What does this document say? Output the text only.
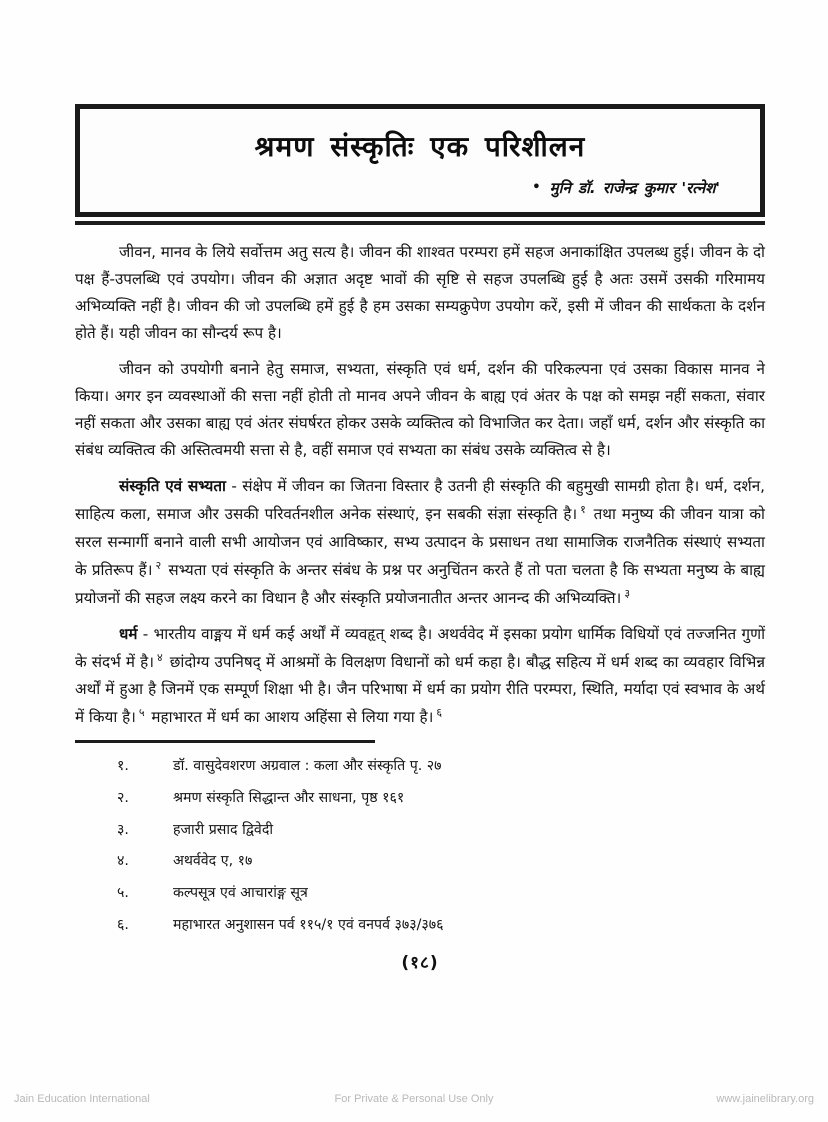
श्रमण संस्कृतिः एक परिशीलन
• मुनि डॉ. राजेन्द्र कुमार 'रत्नेश'

जीवन, मानव के लिये सर्वोत्तम अतु सत्य है। जीवन की शाश्वत परम्परा हमें सहज अनाकांक्षित उपलब्ध हुई। जीवन के दो पक्ष हैं-उपलब्धि एवं उपयोग। जीवन की अज्ञात अदृष्ट भावों की सृष्टि से सहज उपलब्धि हुई है अतः उसमें उसकी गरिमामय अभिव्यक्ति नहीं है। जीवन की जो उपलब्धि हमें हुई है हम उसका सम्यक्रुपेण उपयोग करें, इसी में जीवन की सार्थकता के दर्शन होते हैं। यही जीवन का सौन्दर्य रूप है।

जीवन को उपयोगी बनाने हेतु समाज, सभ्यता, संस्कृति एवं धर्म, दर्शन की परिकल्पना एवं उसका विकास मानव ने किया। अगर इन व्यवस्थाओं की सत्ता नहीं होती तो मानव अपने जीवन के बाह्य एवं अंतर के पक्ष को समझ नहीं सकता, संवार नहीं सकता और उसका बाह्य एवं अंतर संघर्षरत होकर उसके व्यक्तित्व को विभाजित कर देता। जहाँ धर्म, दर्शन और संस्कृति का संबंध व्यक्तित्व की अस्तित्वमयी सत्ता से है, वहीं समाज एवं सभ्यता का संबंध उसके व्यक्तित्व से है।

संस्कृति एवं सभ्यता - संक्षेप में जीवन का जितना विस्तार है उतनी ही संस्कृति की बहुमुखी सामग्री होता है। धर्म, दर्शन, साहित्य कला, समाज और उसकी परिवर्तनशील अनेक संस्थाएं, इन सबकी संज्ञा संस्कृति है। $^१$ तथा मनुष्य की जीवन यात्रा को सरल सन्मार्गी बनाने वाली सभी आयोजन एवं आविष्कार, सभ्य उत्पादन के प्रसाधन तथा सामाजिक राजनैतिक संस्थाएं सभ्यता के प्रतिरूप हैं। $^२$ सभ्यता एवं संस्कृति के अन्तर संबंध के प्रश्न पर अनुचिंतन करते हैं तो पता चलता है कि सभ्यता मनुष्य के बाह्य प्रयोजनों की सहज लक्ष्य करने का विधान है और संस्कृति प्रयोजनातीत अन्तर आनन्द की अभिव्यक्ति। $^३$

धर्म - भारतीय वाङ्मय में धर्म कई अर्थों में व्यवहृत् शब्द है। अथर्ववेद में इसका प्रयोग धार्मिक विधियों एवं तज्जनित गुणों के संदर्भ में है। $^४$ छांदोग्य उपनिषद् में आश्रमों के विलक्षण विधानों को धर्म कहा है। बौद्ध सहित्य में धर्म शब्द का व्यवहार विभिन्न अर्थों में हुआ है जिनमें एक सम्पूर्ण शिक्षा भी है। जैन परिभाषा में धर्म का प्रयोग रीति परम्परा, स्थिति, मर्यादा एवं स्वभाव के अर्थ में किया है। $^५$ महाभारत में धर्म का आशय अहिंसा से लिया गया है। $^६$

१.	डॉ. वासुदेवशरण अग्रवाल : कला और संस्कृति पृ. २७
२.	श्रमण संस्कृति सिद्धान्त और साधना, पृष्ठ १६१
३.	हजारी प्रसाद द्विवेदी
४.	अथर्ववेद ए, १७
५.	कल्पसूत्र एवं आचारांङ्ग सूत्र
६.	महाभारत अनुशासन पर्व ११५/१ एवं वनपर्व ३७३/३७६
(१८)
Jain Education International	For Private & Personal Use Only	www.jainelibrary.org
